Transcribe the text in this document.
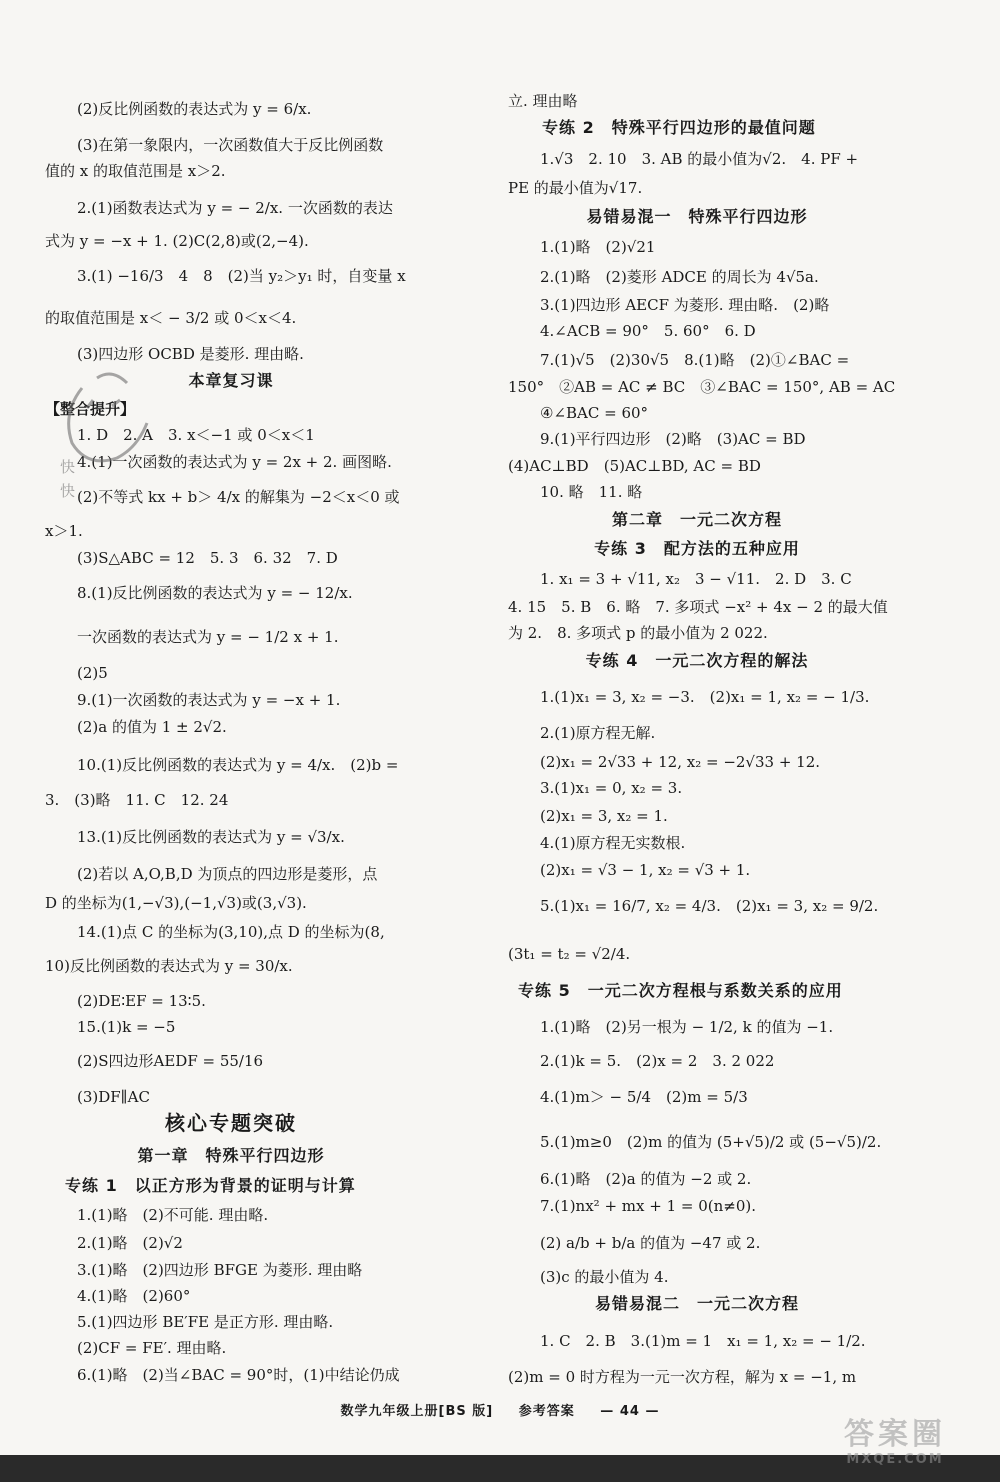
(2)反比例函数的表达式为 y = 6/x.
(3)在第一象限内，一次函数值大于反比例函数
值的 x 的取值范围是 x＞2.
2.(1)函数表达式为 y = − 2/x. 一次函数的表达
式为 y = −x + 1. (2)C(2,8)或(2,−4).
3.(1) −16/3　4　8　(2)当 y₂＞y₁ 时，自变量 x
的取值范围是 x＜ − 3/2 或 0＜x＜4.
(3)四边形 OCBD 是菱形. 理由略.
本章复习课
【整合提升】
1. D　2. A　3. x＜−1 或 0＜x＜1
4.(1)一次函数的表达式为 y = 2x + 2. 画图略.
(2)不等式 kx + b＞ 4/x 的解集为 −2＜x＜0 或
x＞1.
(3)S△ABC = 12　5. 3　6. 32　7. D
8.(1)反比例函数的表达式为 y = − 12/x.
一次函数的表达式为 y = − 1/2 x + 1.
(2)5
9.(1)一次函数的表达式为 y = −x + 1.
(2)a 的值为 1 ± 2√2.
10.(1)反比例函数的表达式为 y = 4/x.　(2)b =
3.　(3)略　11. C　12. 24
13.(1)反比例函数的表达式为 y = √3/x.
(2)若以 A,O,B,D 为顶点的四边形是菱形，点
D 的坐标为(1,−√3),(−1,√3)或(3,√3).
14.(1)点 C 的坐标为(3,10),点 D 的坐标为(8,
10)反比例函数的表达式为 y = 30/x.
(2)DE∶EF = 13∶5.
15.(1)k = −5
(2)S四边形AEDF = 55/16
(3)DF∥AC
核心专题突破
第一章　特殊平行四边形
专练 1　以正方形为背景的证明与计算
1.(1)略　(2)不可能. 理由略.
2.(1)略　(2)√2
3.(1)略　(2)四边形 BFGE 为菱形. 理由略
4.(1)略　(2)60°
5.(1)四边形 BE′FE 是正方形. 理由略.
(2)CF = FE′. 理由略.
6.(1)略　(2)当∠BAC = 90°时，(1)中结论仍成
快
快
立. 理由略
专练 2　特殊平行四边形的最值问题
1.√3　2. 10　3. AB 的最小值为√2.　4. PF +
PE 的最小值为√17.
易错易混一　特殊平行四边形
1.(1)略　(2)√21
2.(1)略　(2)菱形 ADCE 的周长为 4√5a.
3.(1)四边形 AECF 为菱形. 理由略.　(2)略
4.∠ACB = 90°　5. 60°　6. D
7.(1)√5　(2)30√5　8.(1)略　(2)①∠BAC =
150°　②AB = AC ≠ BC　③∠BAC = 150°, AB = AC
④∠BAC = 60°
9.(1)平行四边形　(2)略　(3)AC = BD
(4)AC⊥BD　(5)AC⊥BD, AC = BD
10. 略　11. 略
第二章　一元二次方程
专练 3　配方法的五种应用
1. x₁ = 3 + √11, x₂　3 − √11.　2. D　3. C
4. 15　5. B　6. 略　7. 多项式 −x² + 4x − 2 的最大值
为 2.　8. 多项式 p 的最小值为 2 022.
专练 4　一元二次方程的解法
1.(1)x₁ = 3, x₂ = −3.　(2)x₁ = 1, x₂ = − 1/3.
2.(1)原方程无解.
(2)x₁ = 2√33 + 12, x₂ = −2√33 + 12.
3.(1)x₁ = 0, x₂ = 3.
(2)x₁ = 3, x₂ = 1.
4.(1)原方程无实数根.
(2)x₁ = √3 − 1, x₂ = √3 + 1.
5.(1)x₁ = 16/7, x₂ = 4/3.　(2)x₁ = 3, x₂ = 9/2.
(3t₁ = t₂ = √2/4.
专练 5　一元二次方程根与系数关系的应用
1.(1)略　(2)另一根为 − 1/2, k 的值为 −1.
2.(1)k = 5.　(2)x = 2　3. 2 022
4.(1)m＞ − 5/4　(2)m = 5/3
5.(1)m≥0　(2)m 的值为 (5+√5)/2 或 (5−√5)/2.
6.(1)略　(2)a 的值为 −2 或 2.
7.(1)nx² + mx + 1 = 0(n≠0).
(2) a/b + b/a 的值为 −47 或 2.
(3)c 的最小值为 4.
易错易混二　一元二次方程
1. C　2. B　3.(1)m = 1　x₁ = 1, x₂ = − 1/2.
(2)m = 0 时方程为一元一次方程，解为 x = −1, m
数学九年级上册[BS 版] 参考答案 — 44 —
答案圈
MXQE.COM
